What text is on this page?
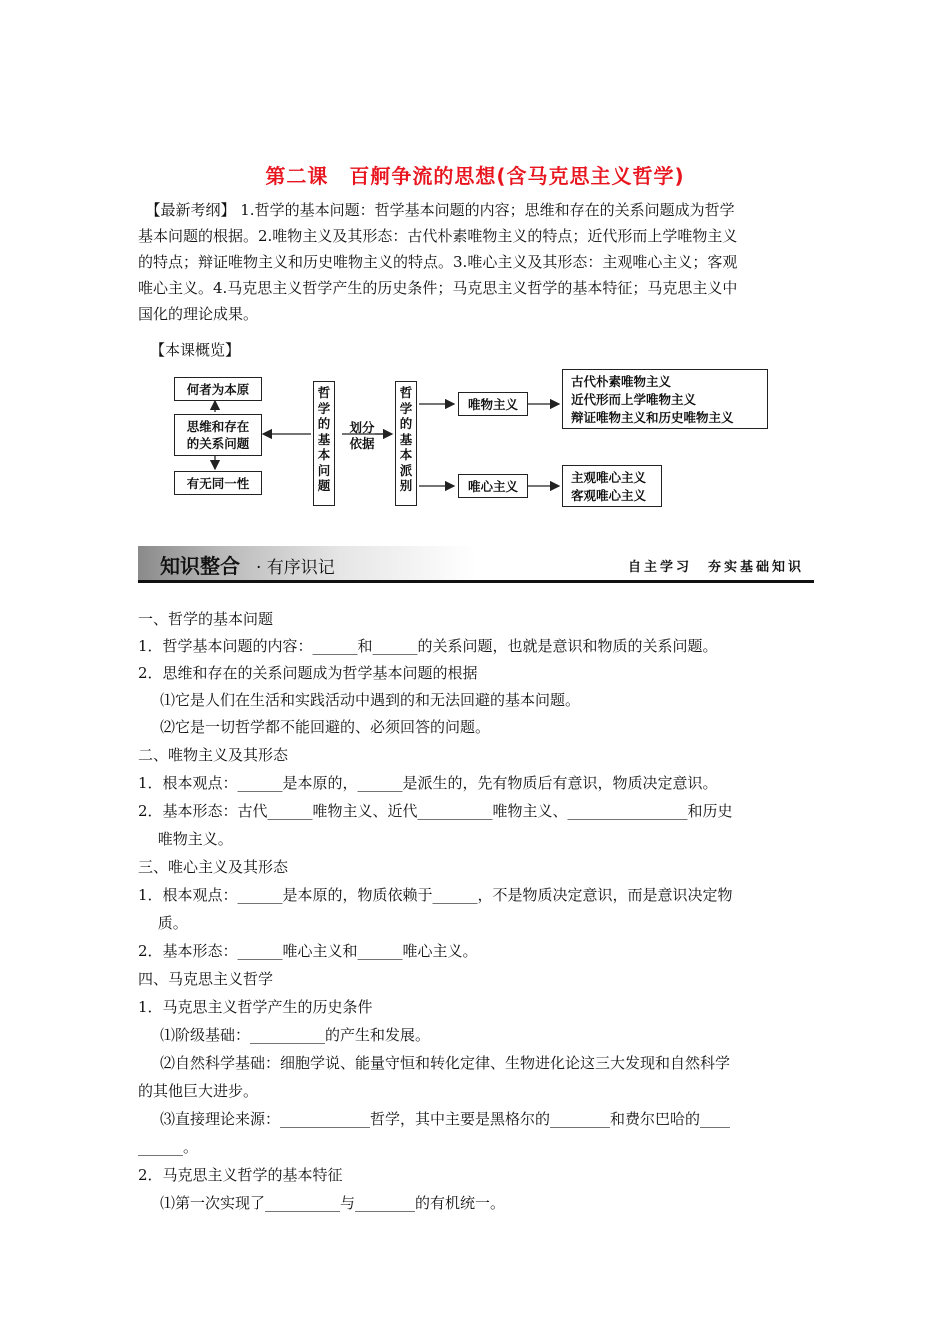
第二课　百舸争流的思想(含马克思主义哲学)
　【最新考纲】 1.哲学的基本问题：哲学基本问题的内容；思维和存在的关系问题成为哲学
基本问题的根据。2.唯物主义及其形态：古代朴素唯物主义的特点；近代形而上学唯物主义
的特点；辩证唯物主义和历史唯物主义的特点。3.唯心主义及其形态：主观唯心主义；客观
唯心主义。4.马克思主义哲学产生的历史条件；马克思主义哲学的基本特征；马克思主义中
国化的理论成果。
【本课概览】
何者为本原
思维和存在
的关系问题
有无同一性
哲学的基本问题
划分
依据
哲学的基本派别
唯物主义
唯心主义
古代朴素唯物主义
近代形而上学唯物主义
辩证唯物主义和历史唯物主义
主观唯心主义
客观唯心主义
知识整合 · 有序识记	自主学习　夯实基础知识
一、哲学的基本问题
1．哲学基本问题的内容：______和______的关系问题，也就是意识和物质的关系问题。
2．思维和存在的关系问题成为哲学基本问题的根据
⑴它是人们在生活和实践活动中遇到的和无法回避的基本问题。
⑵它是一切哲学都不能回避的、必须回答的问题。
二、唯物主义及其形态
1．根本观点：______是本原的，______是派生的，先有物质后有意识，物质决定意识。
2．基本形态：古代______唯物主义、近代__________唯物主义、________________和历史
　 唯物主义。
三、唯心主义及其形态
1．根本观点：______是本原的，物质依赖于______，不是物质决定意识，而是意识决定物
　 质。
2．基本形态：______唯心主义和______唯心主义。
四、马克思主义哲学
1．马克思主义哲学产生的历史条件
⑴阶级基础：__________的产生和发展。
⑵自然科学基础：细胞学说、能量守恒和转化定律、生物进化论这三大发现和自然科学
的其他巨大进步。
⑶直接理论来源：____________哲学，其中主要是黑格尔的________和费尔巴哈的____
______。
2．马克思主义哲学的基本特征
⑴第一次实现了__________与________的有机统一。
